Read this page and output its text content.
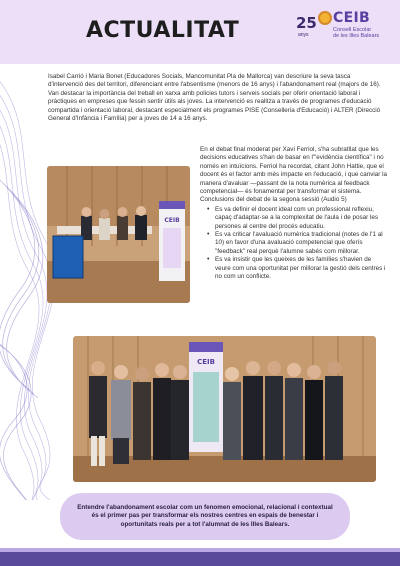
ACTUALITAT	25
anys
CEIB
Consell Escolar
de les Illes Balears

Isabel Carrió i Maria Bonet (Educadores Socials, Mancomunitat Pla de Mallorca) van descriure la seva tasca d'intervenció des del territori, diferenciant entre l'absentisme (menors de 16 anys) i l'abandonament real (majors de 16). Van destacar la importància del treball en xarxa amb policies tutors i serveis socials per oferir orientació laboral i pràctiques en empreses que fessin sentir útils als joves. La intervenció es realitza a través de programes d'educació compartida i orientació laboral, destacant especialment els programes PISE (Conselleria d'Educació) i ALTER (Direcció General d'Infància i Família) per a joves de 14 a 16 anys.

CEIB

En el debat final moderat per Xavi Ferriol, s'ha subratllat que les decisions educatives s'han de basar en l'"evidència científica" i no només en intuïcions. Ferriol ha recordat, citant John Hattie, que el docent és el factor amb més impacte en l'educació, i que canviar la manera d'avaluar —passant de la nota numèrica al feedback competencial— és fonamental per transformar el sistema.

Conclusions del debat de la segona sessió (Audio 5)

• Es va definir el docent ideal com un professional reflexiu, capaç d'adaptar-se a la complexitat de l'aula i de posar les persones al centre del procés educatiu.
• Es va criticar l'avaluació numèrica tradicional (notes de l'1 al 10) en favor d'una avaluació competencial que oferís "feedback" real perquè l'alumne sabés com millorar.
• Es va insistir que les queixes de les famílies s'havien de veure com una oportunitat per millorar la gestió dels centres i no com un conflicte.
CEIB

Entendre l'abandonament escolar com un fenomen emocional, relacional i contextual és el primer pas per transformar els nostres centres en espais de benestar i oportunitats reals per a tot l'alumnat de les Illes Balears.
